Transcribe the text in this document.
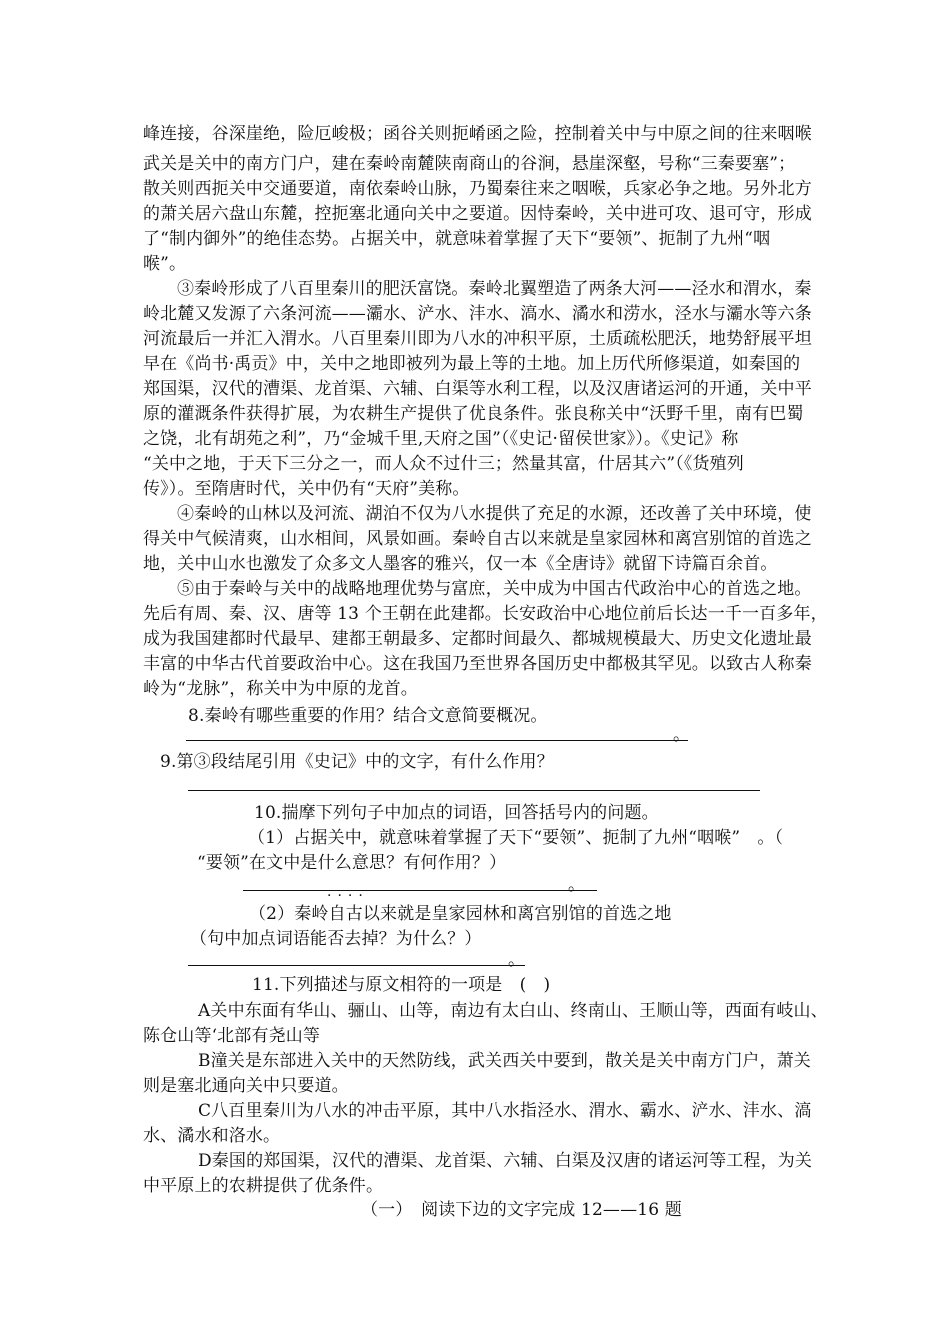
峰连接，谷深崖绝，险厄峻极；函谷关则扼崤函之险，控制着关中与中原之间的往来咽喉
武关是关中的南方门户，建在秦岭南麓陕南商山的谷涧，悬崖深壑，号称“三秦要塞”；
散关则西扼关中交通要道，南依秦岭山脉，乃蜀秦往来之咽喉，兵家必争之地。另外北方
的萧关居六盘山东麓，控扼塞北通向关中之要道。因恃秦岭，关中进可攻、退可守，形成
了“制内御外”的绝佳态势。占据关中，就意味着掌握了天下“要领”、扼制了九州“咽
喉”。
③秦岭形成了八百里秦川的肥沃富饶。秦岭北翼塑造了两条大河——泾水和渭水，秦
岭北麓又发源了六条河流——灞水、浐水、沣水、滈水、潏水和涝水，泾水与灞水等六条
河流最后一并汇入渭水。八百里秦川即为八水的冲积平原，土质疏松肥沃，地势舒展平坦
早在《尚书·禹贡》中，关中之地即被列为最上等的土地。加上历代所修渠道，如秦国的
郑国渠，汉代的漕渠、龙首渠、六辅、白渠等水利工程，以及汉唐诸运河的开通，关中平
原的灌溉条件获得扩展，为农耕生产提供了优良条件。张良称关中“沃野千里，南有巴蜀
之饶，北有胡苑之利”，乃“金城千里,天府之国”（《史记·留侯世家》）。《史记》称
“关中之地，于天下三分之一，而人众不过什三；然量其富，什居其六”（《货殖列
传》）。至隋唐时代，关中仍有“天府”美称。
④秦岭的山林以及河流、湖泊不仅为八水提供了充足的水源，还改善了关中环境，使
得关中气候清爽，山水相间，风景如画。秦岭自古以来就是皇家园林和离宫别馆的首选之
地，关中山水也激发了众多文人墨客的雅兴，仅一本《全唐诗》就留下诗篇百余首。
⑤由于秦岭与关中的战略地理优势与富庶，关中成为中国古代政治中心的首选之地。
先后有周、秦、汉、唐等 13 个王朝在此建都。长安政治中心地位前后长达一千一百多年，
成为我国建都时代最早、建都王朝最多、定都时间最久、都城规模最大、历史文化遗址最
丰富的中华古代首要政治中心。这在我国乃至世界各国历史中都极其罕见。以致古人称秦
岭为“龙脉”，称关中为中原的龙首。
8.秦岭有哪些重要的作用？结合文意简要概况。
。
9.第③段结尾引用《史记》中的文字，有什么作用？
10.揣摩下列句子中加点的词语，回答括号内的问题。
（1）占据关中，就意味着掌握了天下“要领”、扼制了九州“咽喉”　。（
“要领”在文中是什么意思？有何作用？）
····
。
（2）秦岭自古以来就是皇家园林和离宫别馆的首选之地
（句中加点词语能否去掉？为什么？）
。
11.下列描述与原文相符的一项是　(　)
A关中东面有华山、骊山、山等，南边有太白山、终南山、王顺山等，西面有岐山、
陈仓山等‘北部有尧山等
B潼关是东部进入关中的天然防线，武关西关中要到，散关是关中南方门户，萧关
则是塞北通向关中只要道。
C八百里秦川为八水的冲击平原，其中八水指泾水、渭水、霸水、浐水、沣水、滈
水、潏水和洛水。
D秦国的郑国渠，汉代的漕渠、龙首渠、六辅、白渠及汉唐的诸运河等工程，为关
中平原上的农耕提供了优条件。
（一）　阅读下边的文字完成 12——16 题
